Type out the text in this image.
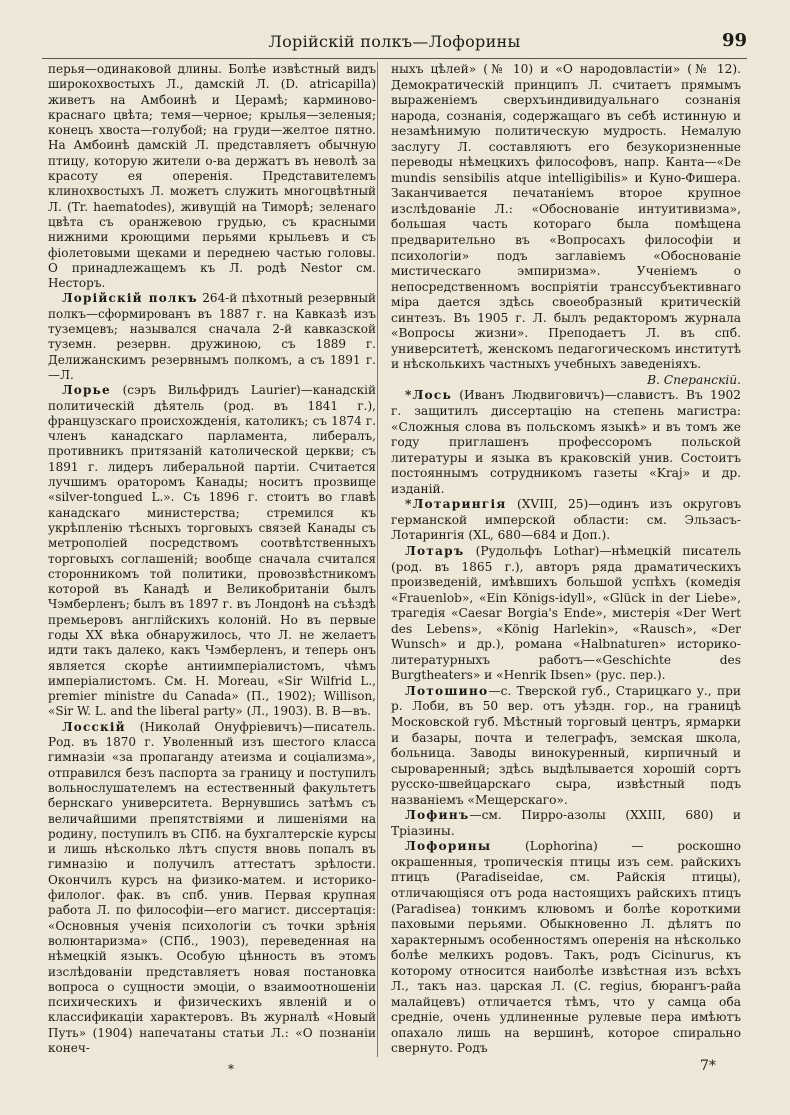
Лорійскій полкъ—Лофорины	99

перья—одинаковой длины. Болѣе извѣстный видъ широкохвостыхъ Л., дамскій Л. (D. atricapilla) живетъ на Амбоинѣ и Церамѣ; карминово-краснаго цвѣта; темя—черное; крылья—зеленыя; конецъ хвоста—голубой; на груди—желтое пятно. На Амбоинѣ дамскій Л. представляетъ обычную птицу, которую жители о-ва держатъ въ неволѣ за красоту ея оперенія. Представителемъ клинохвостыхъ Л. можетъ служить многоцвѣтный Л. (Tr. haematodes), живущій на Тиморѣ; зеленаго цвѣта съ оранжевою грудью, съ красными нижними кроющими перьями крыльевъ и съ фіолетовыми щеками и переднею частью головы. О принадлежащемъ къ Л. родѣ Nestor см. Несторъ.

Лорійскій полкъ 264-й пѣхотный резервный полкъ—сформированъ въ 1887 г. на Кавказѣ изъ туземцевъ; назывался сначала 2-й кавказской туземн. резервн. дружиною, съ 1889 г. Делижанскимъ резервнымъ полкомъ, а съ 1891 г.—Л.

Лорье (сэръ Вильфридъ Laurier)—канадскій политическій дѣятель (род. въ 1841 г.), французскаго происхожденія, католикъ; съ 1874 г. членъ канадскаго парламента, либералъ, противникъ притязаній католической церкви; съ 1891 г. лидеръ либеральной партіи. Считается лучшимъ ораторомъ Канады; носитъ прозвище «silver-tongued L.». Съ 1896 г. стоитъ во главѣ канадскаго министерства; стремился къ укрѣпленію тѣсныхъ торговыхъ связей Канады съ метрополіей посредствомъ соотвѣтственныхъ торговыхъ соглашеній; вообще сначала считался сторонникомъ той политики, провозвѣстникомъ которой въ Канадѣ и Великобританіи былъ Чэмберленъ; былъ въ 1897 г. въ Лондонѣ на съѣздѣ премьеровъ англійскихъ колоній. Но въ первые годы XX вѣка обнаружилось, что Л. не желаетъ идти такъ далеко, какъ Чэмберленъ, и теперь онъ является скорѣе антиимперіалистомъ, чѣмъ имперіалистомъ. См. H. Moreau, «Sir Wilfrid L., premier ministre du Canada» (П., 1902); Willison, «Sir W. L. and the liberal party» (Л., 1903). В. В—въ.

Лосскій (Николай Онуфріевичъ)—писатель. Род. въ 1870 г. Уволенный изъ шестого класса гимназіи «за пропаганду атеизма и соціализма», отправился безъ паспорта за границу и поступилъ вольнослушателемъ на естественный факультетъ бернскаго университета. Вернувшись затѣмъ съ величайшими препятствіями и лишеніями на родину, поступилъ въ СПб. на бухгалтерскіе курсы и лишь нѣсколько лѣтъ спустя вновь попалъ въ гимназію и получилъ аттестатъ зрѣлости. Окончилъ курсъ на физико-матем. и историко-филолог. фак. въ спб. унив. Первая крупная работа Л. по философіи—его магист. диссертація: «Основныя ученія психологіи съ точки зрѣнія волюнтаризма» (СПб., 1903), переведенная на нѣмецкій языкъ. Особую цѣнность въ этомъ изслѣдованіи представляетъ новая постановка вопроса о сущности эмоціи, о взаимоотношеніи психическихъ и физическихъ явленій и о классификаціи характеровъ. Въ журналѣ «Новый Путь» (1904) напечатаны статьи Л.: «О познаніи конеч-

ныхъ цѣлей» (№ 10) и «О народовластіи» (№ 12). Демократическій принципъ Л. считаетъ прямымъ выраженіемъ сверхъиндивидуальнаго сознанія народа, сознанія, содержащаго въ себѣ истинную и незамѣнимую политическую мудрость. Немалую заслугу Л. составляютъ его безукоризненные переводы нѣмецкихъ философовъ, напр. Канта—«De mundis sensibilis atque intelligibilis» и Куно-Фишера. Заканчивается печатаніемъ второе крупное изслѣдованіе Л.: «Обоснованіе интуитивизма», большая часть котораго была помѣщена предварительно въ «Вопросахъ философіи и психологіи» подъ заглавіемъ «Обоснованіе мистическаго эмпиризма». Ученіемъ о непосредственномъ воспріятіи транссубъективнаго міра дается здѣсь своеобразный критическій синтезъ. Въ 1905 г. Л. былъ редакторомъ журнала «Вопросы жизни». Преподаетъ Л. въ спб. университетѣ, женскомъ педагогическомъ институтѣ и нѣсколькихъ частныхъ учебныхъ заведеніяхъ.

В. Сперанскій.

*Лось (Иванъ Людвиговичъ)—славистъ. Въ 1902 г. защитилъ диссертацію на степень магистра: «Сложныя слова въ польскомъ языкѣ» и въ томъ же году приглашенъ профессоромъ польской литературы и языка въ краковскій унив. Состоитъ постояннымъ сотрудникомъ газеты «Kraj» и др. изданій.

*Лотарингія (XVIII, 25)—одинъ изъ округовъ германской имперской области: см. Эльзасъ-Лотарингія (XL, 680—684 и Доп.).

Лотаръ (Рудольфъ Lothar)—нѣмецкій писатель (род. въ 1865 г.), авторъ ряда драматическихъ произведеній, имѣвшихъ большой успѣхъ (комедія «Frauenlob», «Ein Königs-idyll», «Glück in der Liebe», трагедія «Caesar Borgia's Ende», мистерія «Der Wert des Lebens», «König Harlekin», «Rausch», «Der Wunsch» и др.), романа «Halbnaturen» историко-литературныхъ работъ—«Geschichte des Burgtheaters» и «Henrik Ibsen» (рус. пер.).

Лотошино—с. Тверской губ., Старицкаго у., при р. Лоби, въ 50 вер. отъ уѣздн. гор., на границѣ Московской губ. Мѣстный торговый центръ, ярмарки и базары, почта и телеграфъ, земская школа, больница. Заводы винокуренный, кирпичный и сыроваренный; здѣсь выдѣлывается хорошій сортъ русско-швейцарскаго сыра, извѣстный подъ названіемъ «Мещерскаго».

Лофинъ—см. Пирро-азолы (XXIII, 680) и Тріазины.

Лофорины (Lophorina) — роскошно окрашенныя, тропическія птицы изъ сем. райскихъ птицъ (Paradiseidae, см. Райскія птицы), отличающіяся отъ рода настоящихъ райскихъ птицъ (Paradisea) тонкимъ клювомъ и болѣе короткими паховыми перьями. Обыкновенно Л. дѣлятъ по характернымъ особенностямъ оперенія на нѣсколько болѣе мелкихъ родовъ. Такъ, родъ Cicinurus, къ которому относится наиболѣе извѣстная изъ всѣхъ Л., такъ наз. царская Л. (C. regius, бюрангъ-райа малайцевъ) отличается тѣмъ, что у самца оба средніе, очень удлиненные рулевые пера имѣютъ опахало лишь на вершинѣ, которое спирально свернуто. Родъ

*	7*
